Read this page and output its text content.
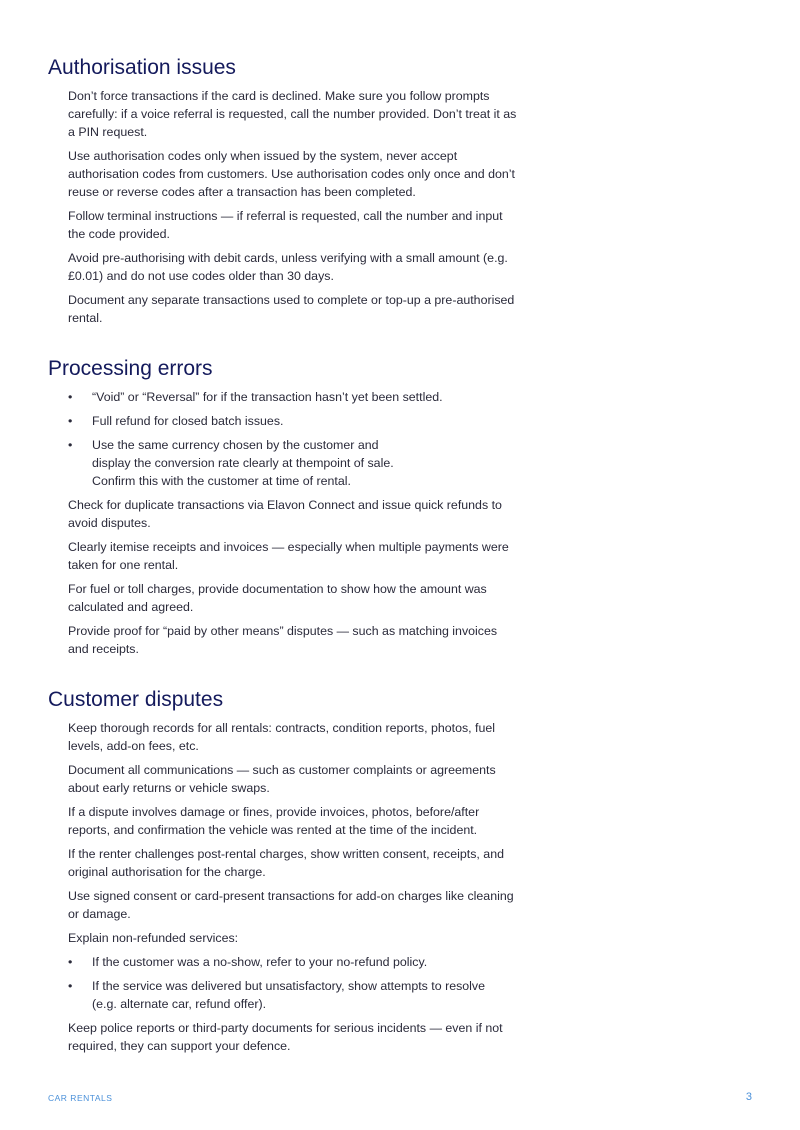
Authorisation issues

Don’t force transactions if the card is declined. Make sure you follow prompts carefully: if a voice referral is requested, call the number provided. Don’t treat it as a PIN request.

Use authorisation codes only when issued by the system, never accept authorisation codes from customers. Use authorisation codes only once and don’t reuse or reverse codes after a transaction has been completed.

Follow terminal instructions — if referral is requested, call the number and input the code provided.

Avoid pre-authorising with debit cards, unless verifying with a small amount (e.g. £0.01) and do not use codes older than 30 days.

Document any separate transactions used to complete or top-up a pre-authorised rental.

Processing errors
•	“Void” or “Reversal” for if the transaction hasn’t yet been settled.
•	Full refund for closed batch issues.
•	Use the same currency chosen by the customer and
display the conversion rate clearly at thempoint of sale.
Confirm this with the customer at time of rental.

Check for duplicate transactions via Elavon Connect and issue quick refunds to avoid disputes.

Clearly itemise receipts and invoices — especially when multiple payments were taken for one rental.

For fuel or toll charges, provide documentation to show how the amount was calculated and agreed.

Provide proof for “paid by other means” disputes — such as matching invoices and receipts.

Customer disputes

Keep thorough records for all rentals: contracts, condition reports, photos, fuel levels, add-on fees, etc.

Document all communications — such as customer complaints or agreements about early returns or vehicle swaps.

If a dispute involves damage or fines, provide invoices, photos, before/after reports, and confirmation the vehicle was rented at the time of the incident.

If the renter challenges post-rental charges, show written consent, receipts, and original authorisation for the charge.

Use signed consent or card-present transactions for add-on charges like cleaning or damage.

Explain non-refunded services:

•	If the customer was a no-show, refer to your no-refund policy.
•	If the service was delivered but unsatisfactory, show attempts to resolve
(e.g. alternate car, refund offer).

Keep police reports or third-party documents for serious incidents — even if not required, they can support your defence.

CAR RENTALS	3
